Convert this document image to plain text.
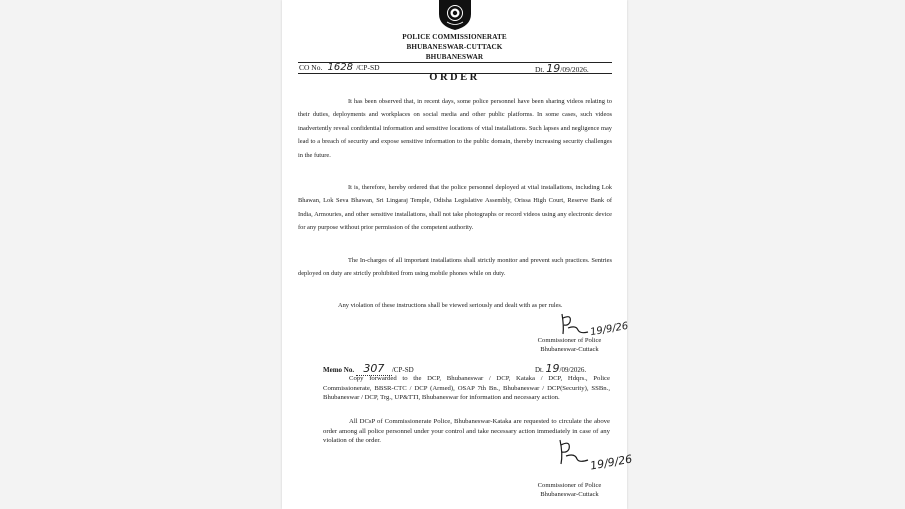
POLICE COMMISSIONERATE
BHUBANESWAR-CUTTACK
BHUBANESWAR
CO No. 1628 /CP-SD	Dt. 19/09/2026.
ORDER
It has been observed that, in recent days, some police personnel have been sharing videos relating to their duties, deployments and workplaces on social media and other public platforms. In some cases, such videos inadvertently reveal confidential information and sensitive locations of vital installations. Such lapses and negligence may lead to a breach of security and expose sensitive information to the public domain, thereby increasing security challenges in the future.
It is, therefore, hereby ordered that the police personnel deployed at vital installations, including Lok Bhawan, Lok Seva Bhawan, Sri Lingaraj Temple, Odisha Legislative Assembly, Orissa High Court, Reserve Bank of India, Armouries, and other sensitive installations, shall not take photographs or record videos using any electronic device for any purpose without prior permission of the competent authority.
The In-charges of all important installations shall strictly monitor and prevent such practices. Sentries deployed on duty are strictly prohibited from using mobile phones while on duty.
Any violation of these instructions shall be viewed seriously and dealt with as per rules.
19/9/26
Commissioner of Police
Bhubaneswar-Cuttack
Memo No. 307 /CP-SD	Dt. 19/09/2026.
Copy forwarded to the DCP, Bhubaneswar / DCP, Kataka / DCP, Hdqrs., Police Commissionerate, BBSR-CTC / DCP (Armed), OSAP 7th Bn., Bhubaneswar / DCP(Security), SSBn., Bhubaneswar / DCP, Trg., UP&TTI, Bhubaneswar for information and necessary action.
All DCsP of Commissionerate Police, Bhubaneswar-Kataka are requested to circulate the above order among all police personnel under your control and take necessary action immediately in case of any violation of the order.
19/9/26
Commissioner of Police
Bhubaneswar-Cuttack
